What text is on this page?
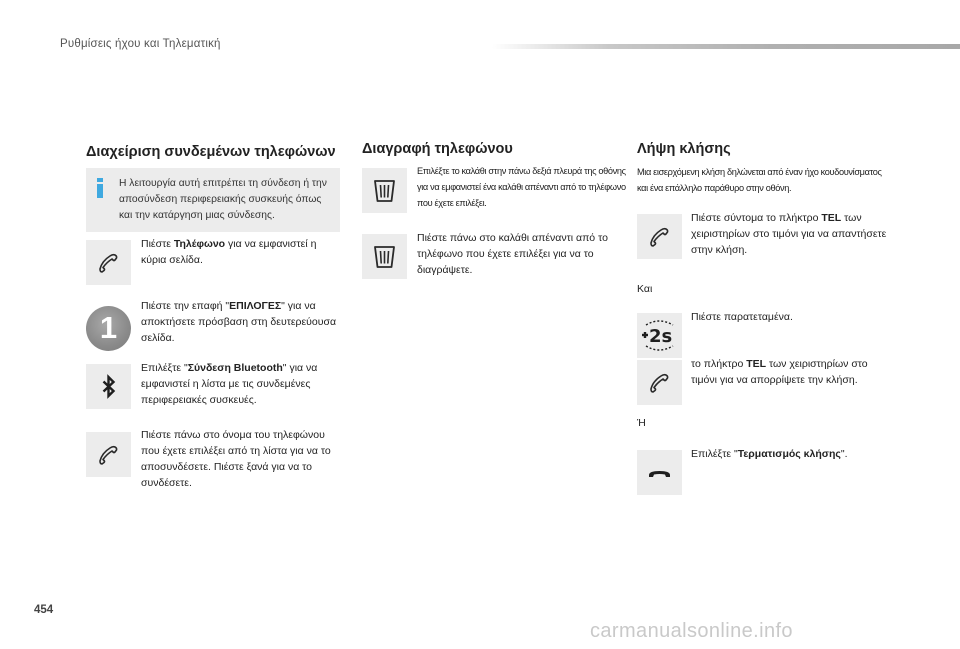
Ρυθμίσεις ήχου και Τηλεματική
Διαχείριση συνδεμένων τηλεφώνων
Η λειτουργία αυτή επιτρέπει τη σύνδεση ή την αποσύνδεση περιφερειακής συσκευής όπως και την κατάργηση μιας σύνδεσης.
Πιέστε Τηλέφωνο για να εμφανιστεί η κύρια σελίδα.
1
Πιέστε την επαφή "ΕΠΙΛΟΓΕΣ" για να αποκτήσετε πρόσβαση στη δευτερεύουσα σελίδα.
Επιλέξτε "Σύνδεση Bluetooth" για να εμφανιστεί η λίστα με τις συνδεμένες περιφερειακές συσκευές.
Πιέστε πάνω στο όνομα του τηλεφώνου που έχετε επιλέξει από τη λίστα για να το αποσυνδέσετε. Πιέστε ξανά για να το συνδέσετε.
Διαγραφή τηλεφώνου
Επιλέξτε το καλάθι στην πάνω δεξιά πλευρά της οθόνης για να εμφανιστεί ένα καλάθι απέναντι από το τηλέφωνο που έχετε επιλέξει.
Πιέστε πάνω στο καλάθι απέναντι από το τηλέφωνο που έχετε επιλέξει για να το διαγράψετε.
Λήψη κλήσης
Μια εισερχόμενη κλήση δηλώνεται από έναν ήχο κουδουνίσματος και ένα επάλληλο παράθυρο στην οθόνη.
Πιέστε σύντομα το πλήκτρο TEL των χειριστηρίων στο τιμόνι για να απαντήσετε στην κλήση.
Και
2s
Πιέστε παρατεταμένα.
το πλήκτρο TEL των χειριστηρίων στο τιμόνι για να απορρίψετε την κλήση.
Ή
Επιλέξτε "Τερματισμός κλήσης".
454
carmanualsonline.info
